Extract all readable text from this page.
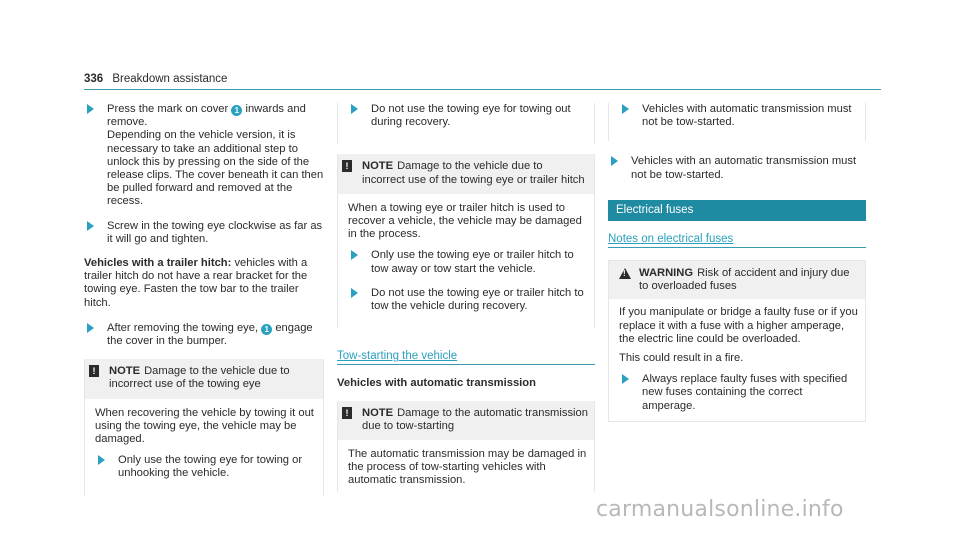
336 Breakdown assistance
Press the mark on cover 1 inwards and remove.
Depending on the vehicle version, it is necessary to take an additional step to unlock this by pressing on the side of the release clips. The cover beneath it can then be pulled forward and removed at the recess.
Screw in the towing eye clockwise as far as it will go and tighten.
Vehicles with a trailer hitch: vehicles with a trailer hitch do not have a rear bracket for the towing eye. Fasten the tow bar to the trailer hitch.
After removing the towing eye, 1 engage the cover in the bumper.
!	NOTE Damage to the vehicle due to incorrect use of the towing eye
When recovering the vehicle by towing it out using the towing eye, the vehicle may be damaged.
Only use the towing eye for towing or unhooking the vehicle.
Do not use the towing eye for towing out during recovery.
!	NOTE Damage to the vehicle due to incorrect use of the towing eye or trailer hitch
When a towing eye or trailer hitch is used to recover a vehicle, the vehicle may be damaged in the process.
Only use the towing eye or trailer hitch to tow away or tow start the vehicle.
Do not use the towing eye or trailer hitch to tow the vehicle during recovery.
Tow-starting the vehicle
Vehicles with automatic transmission
!	NOTE Damage to the automatic transmission due to tow-starting
The automatic transmission may be damaged in the process of tow-starting vehicles with automatic transmission.
Vehicles with automatic transmission must not be tow-started.
Vehicles with an automatic transmission must not be tow-started.
Electrical fuses
Notes on electrical fuses
!
WARNING Risk of accident and injury due to overloaded fuses

If you manipulate or bridge a faulty fuse or if you replace it with a fuse with a higher amperage, the electric line could be overloaded.

This could result in a fire.

Always replace faulty fuses with specified new fuses containing the correct amperage.
carmanualsonline.info
